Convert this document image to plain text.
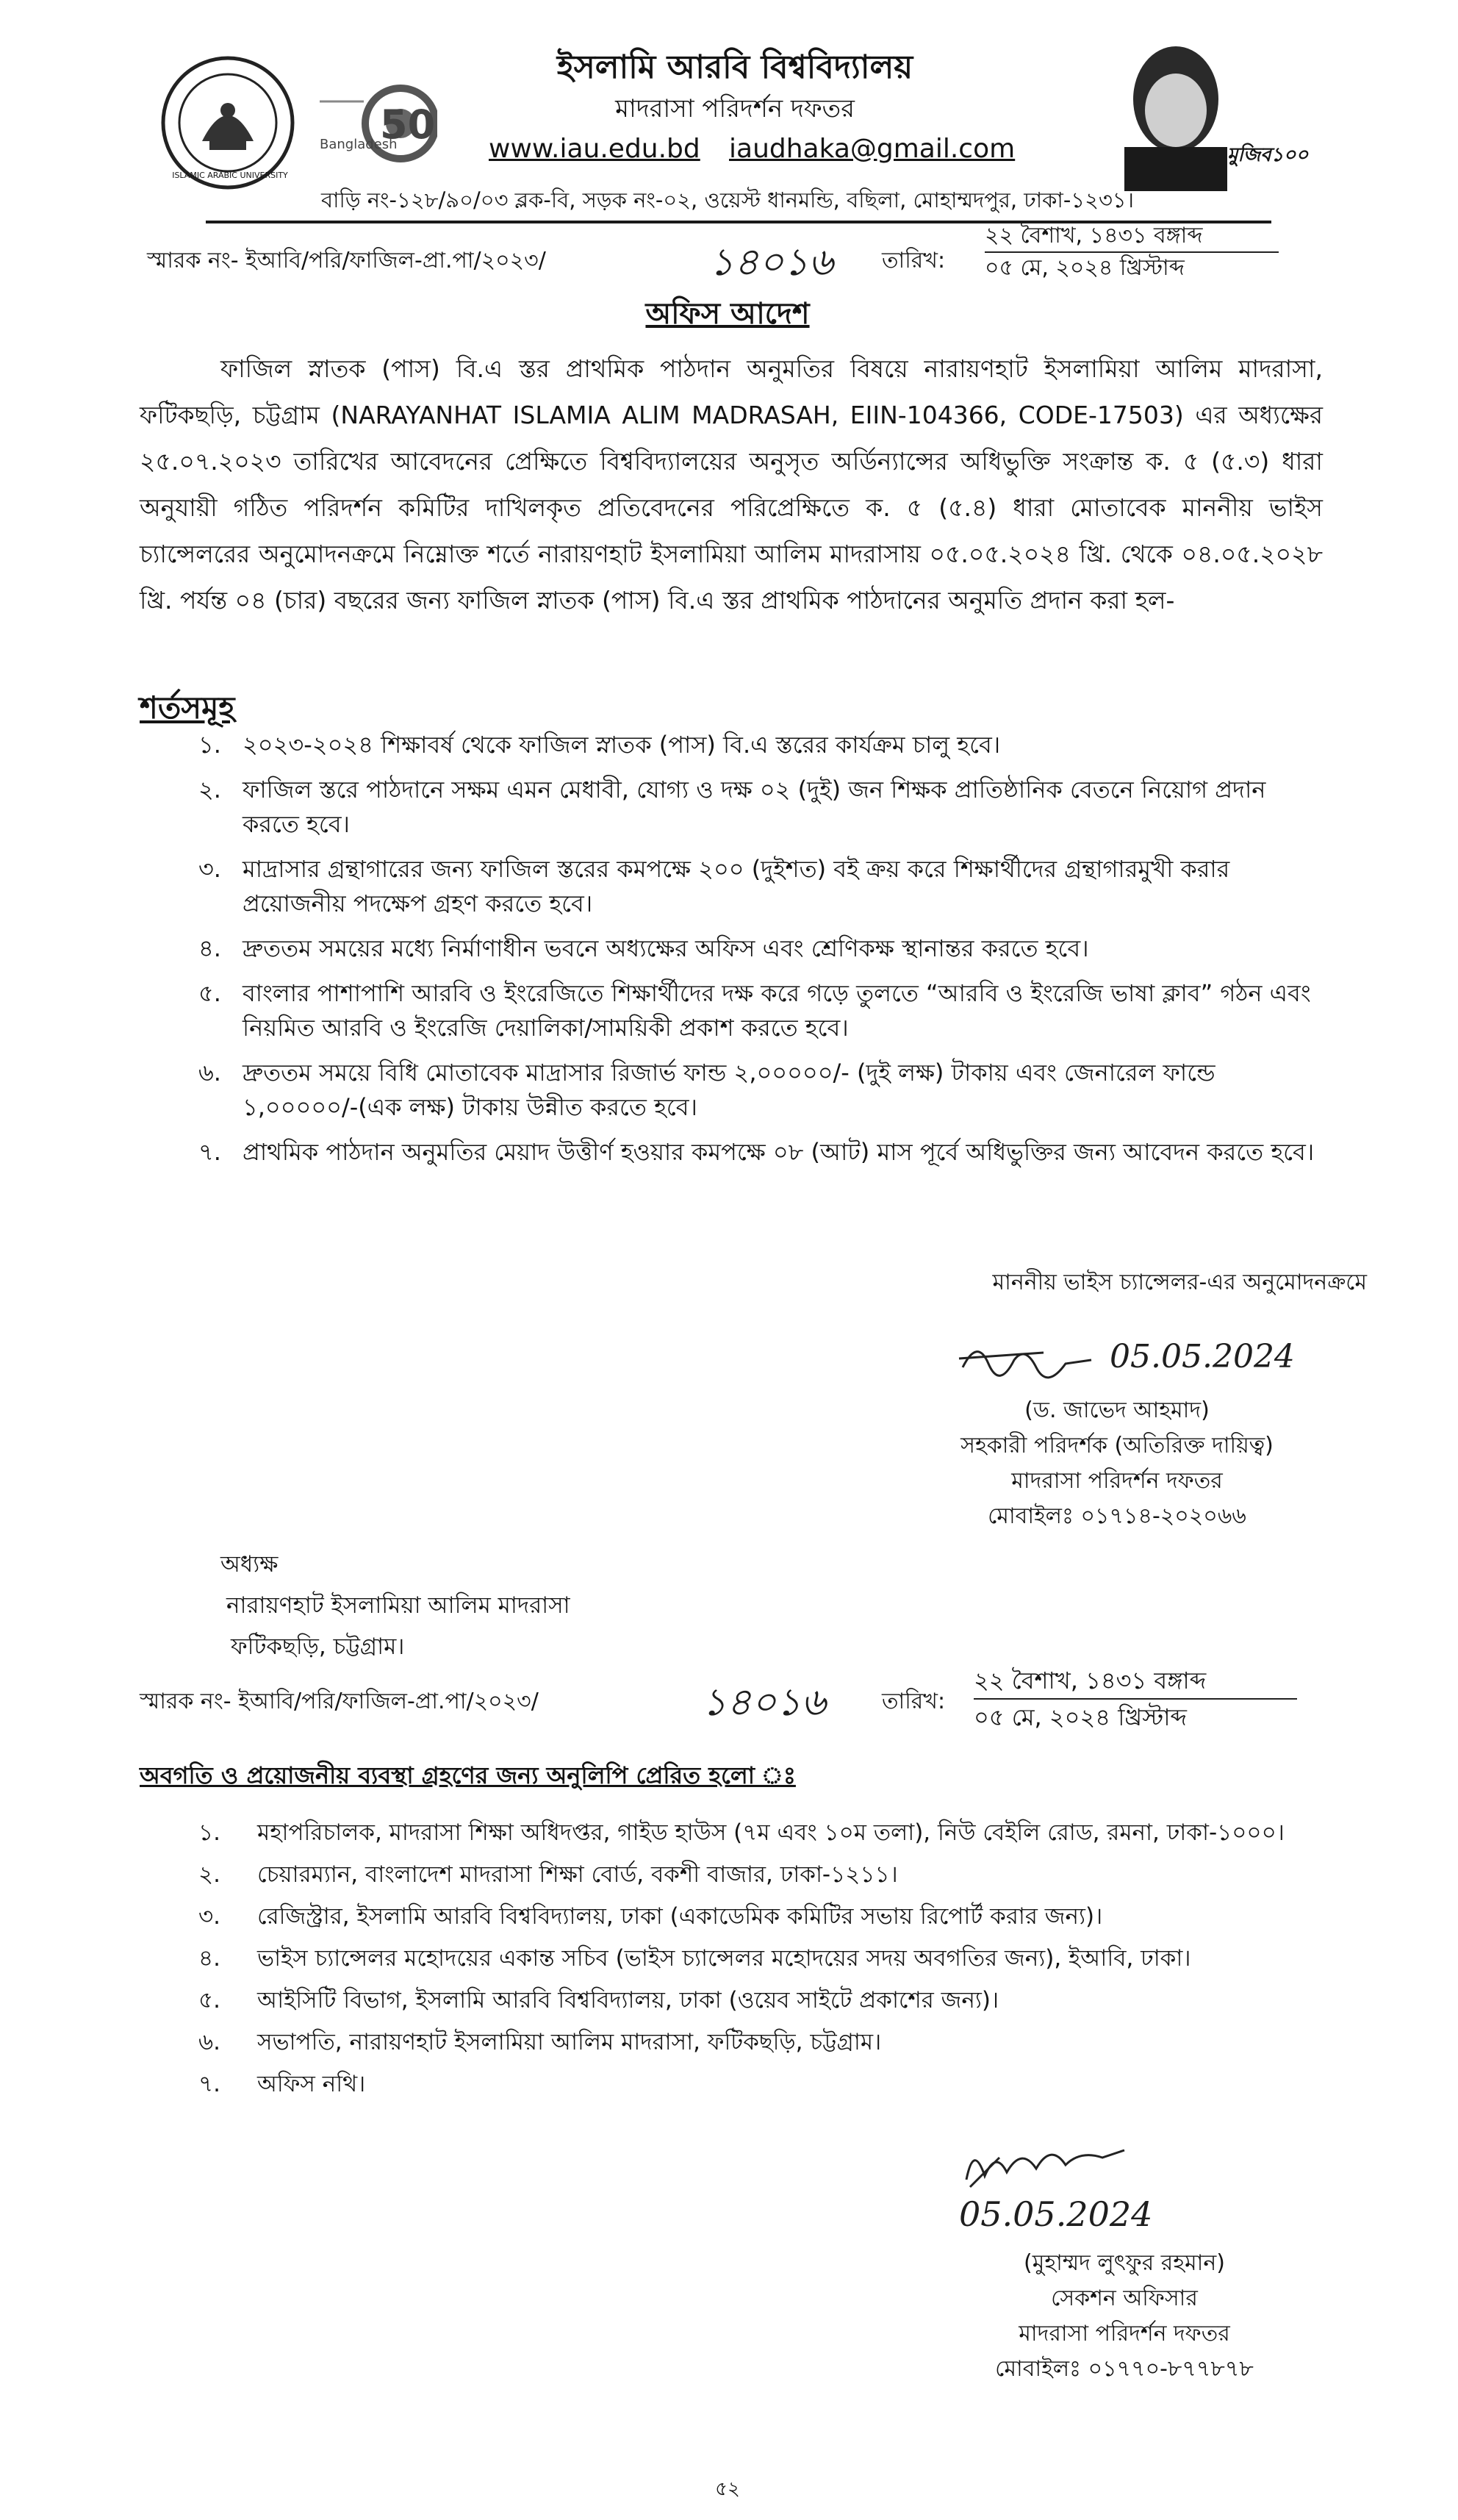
ISLAMIC ARABIC UNIVERSITY
Bangladesh
50
ইসলামি আরবি বিশ্ববিদ্যালয়
মাদরাসা পরিদর্শন দফতর
www.iau.edu.bd iaudhaka@gmail.com	মুজিব১০০
বাড়ি নং-১২৮/৯০/০৩ ব্লক-বি, সড়ক নং-০২, ওয়েস্ট ধানমন্ডি, বছিলা, মোহাম্মদপুর, ঢাকা-১২৩১।
স্মারক নং- ইআবি/পরি/ফাজিল-প্রা.পা/২০২৩/	১৪০১৬ তারিখ:
২২ বৈশাখ, ১৪৩১ বঙ্গাব্দ
০৫ মে, ২০২৪ খ্রিস্টাব্দ
অফিস আদেশ
ফাজিল স্নাতক (পাস) বি.এ স্তর প্রাথমিক পাঠদান অনুমতির বিষয়ে নারায়ণহাট ইসলামিয়া আলিম মাদরাসা, ফটিকছড়ি, চট্টগ্রাম (NARAYANHAT ISLAMIA ALIM MADRASAH, EIIN-104366, CODE-17503) এর অধ্যক্ষের ২৫.০৭.২০২৩ তারিখের আবেদনের প্রেক্ষিতে বিশ্ববিদ্যালয়ের অনুসৃত অর্ডিন্যান্সের অধিভুক্তি সংক্রান্ত ক. ৫ (৫.৩) ধারা অনুযায়ী গঠিত পরিদর্শন কমিটির দাখিলকৃত প্রতিবেদনের পরিপ্রেক্ষিতে ক. ৫ (৫.৪) ধারা মোতাবেক মাননীয় ভাইস চ্যান্সেলরের অনুমোদনক্রমে নিম্নোক্ত শর্তে নারায়ণহাট ইসলামিয়া আলিম মাদরাসায় ০৫.০৫.২০২৪ খ্রি. থেকে ০৪.০৫.২০২৮ খ্রি. পর্যন্ত ০৪ (চার) বছরের জন্য ফাজিল স্নাতক (পাস) বি.এ স্তর প্রাথমিক পাঠদানের অনুমতি প্রদান করা হল-
শর্তসমূহ
১. ২০২৩-২০২৪ শিক্ষাবর্ষ থেকে ফাজিল স্নাতক (পাস) বি.এ স্তরের কার্যক্রম চালু হবে।
২. ফাজিল স্তরে পাঠদানে সক্ষম এমন মেধাবী, যোগ্য ও দক্ষ ০২ (দুই) জন শিক্ষক প্রাতিষ্ঠানিক বেতনে নিয়োগ প্রদান করতে হবে।
৩. মাদ্রাসার গ্রন্থাগারের জন্য ফাজিল স্তরের কমপক্ষে ২০০ (দুইশত) বই ক্রয় করে শিক্ষার্থীদের গ্রন্থাগারমুখী করার প্রয়োজনীয় পদক্ষেপ গ্রহণ করতে হবে।
৪. দ্রুততম সময়ের মধ্যে নির্মাণাধীন ভবনে অধ্যক্ষের অফিস এবং শ্রেণিকক্ষ স্থানান্তর করতে হবে।
৫. বাংলার পাশাপাশি আরবি ও ইংরেজিতে শিক্ষার্থীদের দক্ষ করে গড়ে তুলতে “আরবি ও ইংরেজি ভাষা ক্লাব” গঠন এবং নিয়মিত আরবি ও ইংরেজি দেয়ালিকা/সাময়িকী প্রকাশ করতে হবে।
৬. দ্রুততম সময়ে বিধি মোতাবেক মাদ্রাসার রিজার্ভ ফান্ড ২,০০০০০/- (দুই লক্ষ) টাকায় এবং জেনারেল ফান্ডে ১,০০০০০/-(এক লক্ষ) টাকায় উন্নীত করতে হবে।
৭. প্রাথমিক পাঠদান অনুমতির মেয়াদ উত্তীর্ণ হওয়ার কমপক্ষে ০৮ (আট) মাস পূর্বে অধিভুক্তির জন্য আবেদন করতে হবে।
মাননীয় ভাইস চ্যান্সেলর-এর অনুমোদনক্রমে
05.05.2024
(ড. জাভেদ আহমাদ)
সহকারী পরিদর্শক (অতিরিক্ত দায়িত্ব)
মাদরাসা পরিদর্শন দফতর
মোবাইলঃ ০১৭১৪-২০২০৬৬
অধ্যক্ষ
নারায়ণহাট ইসলামিয়া আলিম মাদরাসা
ফটিকছড়ি, চট্টগ্রাম।
স্মারক নং- ইআবি/পরি/ফাজিল-প্রা.পা/২০২৩/	১৪০১৬	তারিখ:
২২ বৈশাখ, ১৪৩১ বঙ্গাব্দ
০৫ মে, ২০২৪ খ্রিস্টাব্দ
অবগতি ও প্রয়োজনীয় ব্যবস্থা গ্রহণের জন্য অনুলিপি প্রেরিত হলো ঃ
১.	মহাপরিচালক, মাদরাসা শিক্ষা অধিদপ্তর, গাইড হাউস (৭ম এবং ১০ম তলা), নিউ বেইলি রোড, রমনা, ঢাকা-১০০০।
২.	চেয়ারম্যান, বাংলাদেশ মাদরাসা শিক্ষা বোর্ড, বকশী বাজার, ঢাকা-১২১১।
৩.	রেজিস্ট্রার, ইসলামি আরবি বিশ্ববিদ্যালয়, ঢাকা (একাডেমিক কমিটির সভায় রিপোর্ট করার জন্য)।
৪.	ভাইস চ্যান্সেলর মহোদয়ের একান্ত সচিব (ভাইস চ্যান্সেলর মহোদয়ের সদয় অবগতির জন্য), ইআবি, ঢাকা।
৫.	আইসিটি বিভাগ, ইসলামি আরবি বিশ্ববিদ্যালয়, ঢাকা (ওয়েব সাইটে প্রকাশের জন্য)।
৬.	সভাপতি, নারায়ণহাট ইসলামিয়া আলিম মাদরাসা, ফটিকছড়ি, চট্টগ্রাম।
৭.	অফিস নথি।
05.05.2024
(মুহাম্মদ লুৎফুর রহমান)
সেকশন অফিসার
মাদরাসা পরিদর্শন দফতর
মোবাইলঃ ০১৭৭০-৮৭৭৮৭৮
৫২
